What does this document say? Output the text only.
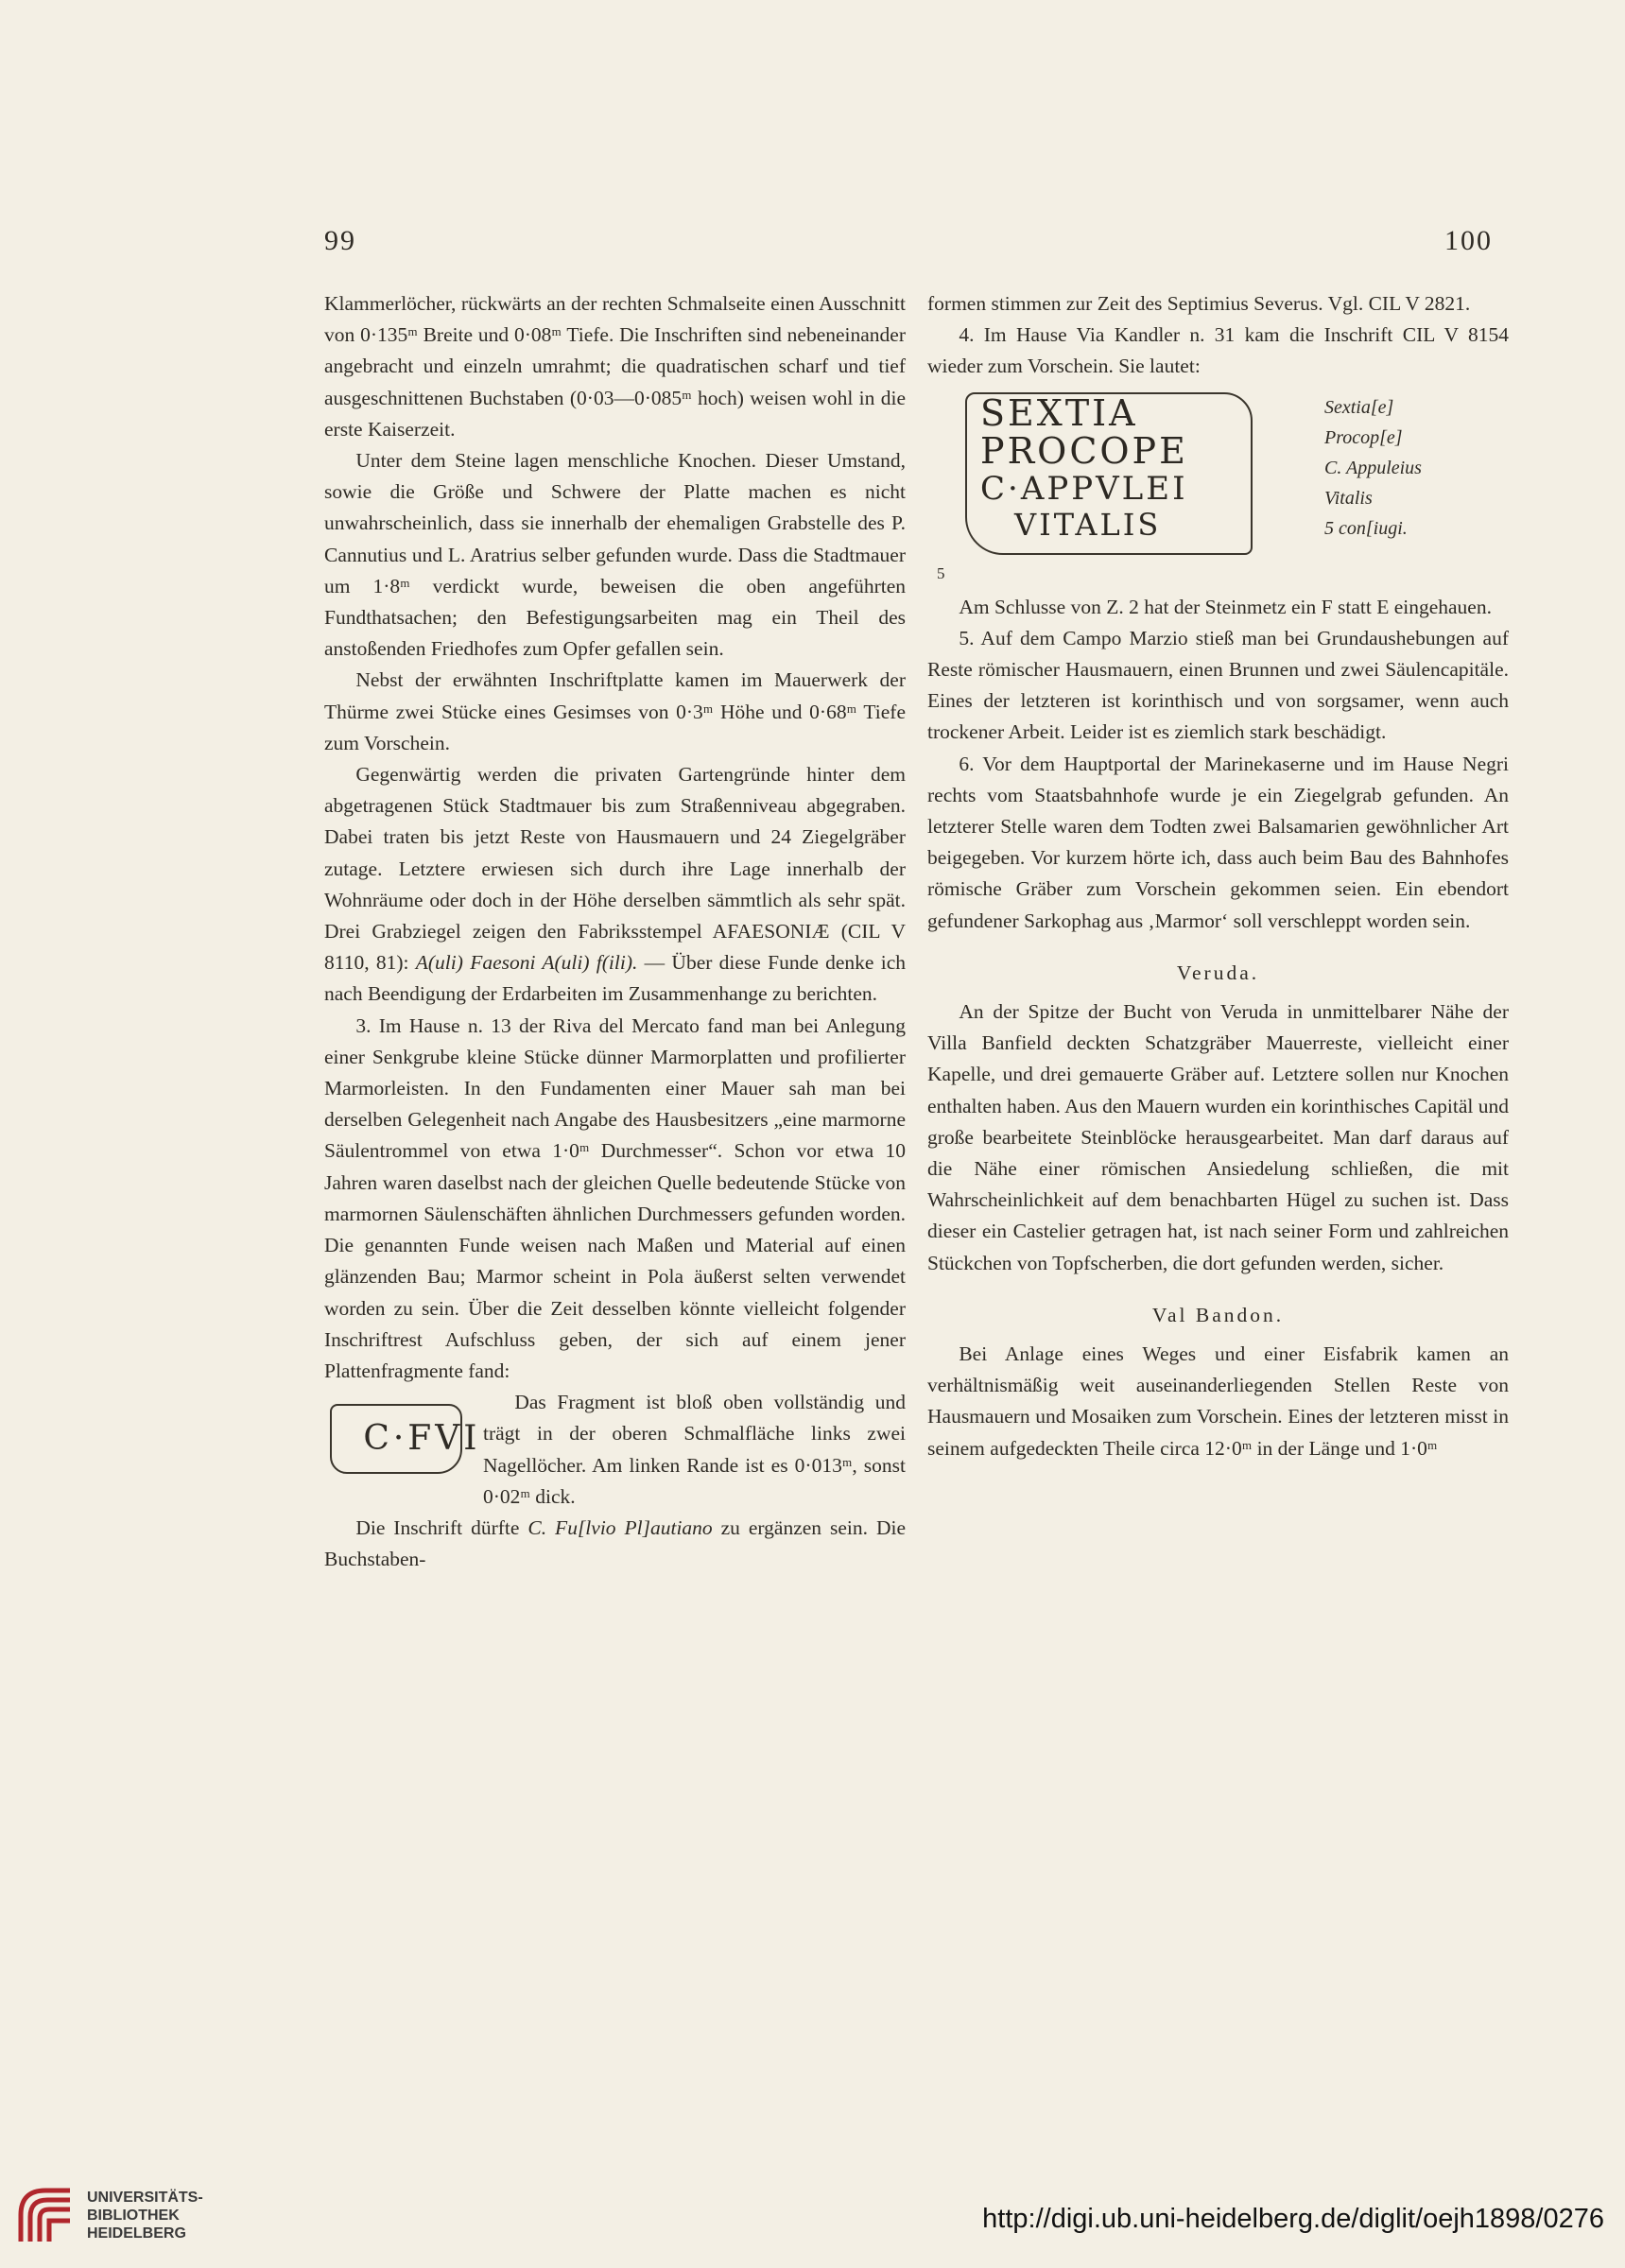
99	100

Klammerlöcher, rückwärts an der rechten Schmalseite einen Ausschnitt von 0·135ᵐ Breite und 0·08ᵐ Tiefe. Die Inschriften sind nebeneinander angebracht und einzeln umrahmt; die quadratischen scharf und tief ausgeschnittenen Buchstaben (0·03—0·085ᵐ hoch) weisen wohl in die erste Kaiserzeit.

Unter dem Steine lagen menschliche Knochen. Dieser Umstand, sowie die Größe und Schwere der Platte machen es nicht unwahrscheinlich, dass sie innerhalb der ehemaligen Grabstelle des P. Cannutius und L. Aratrius selber gefunden wurde. Dass die Stadtmauer um 1·8ᵐ verdickt wurde, beweisen die oben angeführten Fundthatsachen; den Befestigungsarbeiten mag ein Theil des anstoßenden Friedhofes zum Opfer gefallen sein.

Nebst der erwähnten Inschriftplatte kamen im Mauerwerk der Thürme zwei Stücke eines Gesimses von 0·3ᵐ Höhe und 0·68ᵐ Tiefe zum Vorschein.

Gegenwärtig werden die privaten Gartengründe hinter dem abgetragenen Stück Stadtmauer bis zum Straßenniveau abgegraben. Dabei traten bis jetzt Reste von Hausmauern und 24 Ziegelgräber zutage. Letztere erwiesen sich durch ihre Lage innerhalb der Wohnräume oder doch in der Höhe derselben sämmtlich als sehr spät. Drei Grabziegel zeigen den Fabriksstempel AFAESONIÆ (CIL V 8110, 81): A(uli) Faesoni A(uli) f(ili). — Über diese Funde denke ich nach Beendigung der Erdarbeiten im Zusammenhange zu berichten.

3. Im Hause n. 13 der Riva del Mercato fand man bei Anlegung einer Senkgrube kleine Stücke dünner Marmorplatten und profilierter Marmorleisten. In den Fundamenten einer Mauer sah man bei derselben Gelegenheit nach Angabe des Hausbesitzers „eine marmorne Säulentrommel von etwa 1·0ᵐ Durchmesser“. Schon vor etwa 10 Jahren waren daselbst nach der gleichen Quelle bedeutende Stücke von marmornen Säulenschäften ähnlichen Durchmessers gefunden worden. Die genannten Funde weisen nach Maßen und Material auf einen glänzenden Bau; Marmor scheint in Pola äußerst selten verwendet worden zu sein. Über die Zeit desselben könnte vielleicht folgender Inschriftrest Aufschluss geben, der sich auf einem jener Plattenfragmente fand:

C·FVI
Das Fragment ist bloß oben vollständig und trägt in der oberen Schmalfläche links zwei Nagellöcher. Am linken Rande ist es 0·013ᵐ, sonst 0·02ᵐ dick.

Die Inschrift dürfte C. Fu[lvio Pl]autiano zu ergänzen sein. Die Buchstaben-

formen stimmen zur Zeit des Septimius Severus. Vgl. CIL V 2821.

4. Im Hause Via Kandler n. 31 kam die Inschrift CIL V 8154 wieder zum Vorschein. Sie lautet:

SEXTIA
PROCOPE
C·APPVLEI
VITALIS
5
Sextia[e]
Procop[e]
C. Appuleius
Vitalis
5 con[iugi.

Am Schlusse von Z. 2 hat der Steinmetz ein F statt E eingehauen.

5. Auf dem Campo Marzio stieß man bei Grundaushebungen auf Reste römischer Hausmauern, einen Brunnen und zwei Säulencapitäle. Eines der letzteren ist korinthisch und von sorgsamer, wenn auch trockener Arbeit. Leider ist es ziemlich stark beschädigt.

6. Vor dem Hauptportal der Marinekaserne und im Hause Negri rechts vom Staatsbahnhofe wurde je ein Ziegelgrab gefunden. An letzterer Stelle waren dem Todten zwei Balsamarien gewöhnlicher Art beigegeben. Vor kurzem hörte ich, dass auch beim Bau des Bahnhofes römische Gräber zum Vorschein gekommen seien. Ein ebendort gefundener Sarkophag aus ‚Marmor‘ soll verschleppt worden sein.

Veruda.

An der Spitze der Bucht von Veruda in unmittelbarer Nähe der Villa Banfield deckten Schatzgräber Mauerreste, vielleicht einer Kapelle, und drei gemauerte Gräber auf. Letztere sollen nur Knochen enthalten haben. Aus den Mauern wurden ein korinthisches Capitäl und große bearbeitete Steinblöcke herausgearbeitet. Man darf daraus auf die Nähe einer römischen Ansiedelung schließen, die mit Wahrscheinlichkeit auf dem benachbarten Hügel zu suchen ist. Dass dieser ein Castelier getragen hat, ist nach seiner Form und zahlreichen Stückchen von Topfscherben, die dort gefunden werden, sicher.

Val Bandon.

Bei Anlage eines Weges und einer Eisfabrik kamen an verhältnismäßig weit auseinanderliegenden Stellen Reste von Hausmauern und Mosaiken zum Vorschein. Eines der letzteren misst in seinem aufgedeckten Theile circa 12·0ᵐ in der Länge und 1·0ᵐ

UNIVERSITÄTS-
BIBLIOTHEK
HEIDELBERG	http://digi.ub.uni-heidelberg.de/diglit/oejh1898/0276
